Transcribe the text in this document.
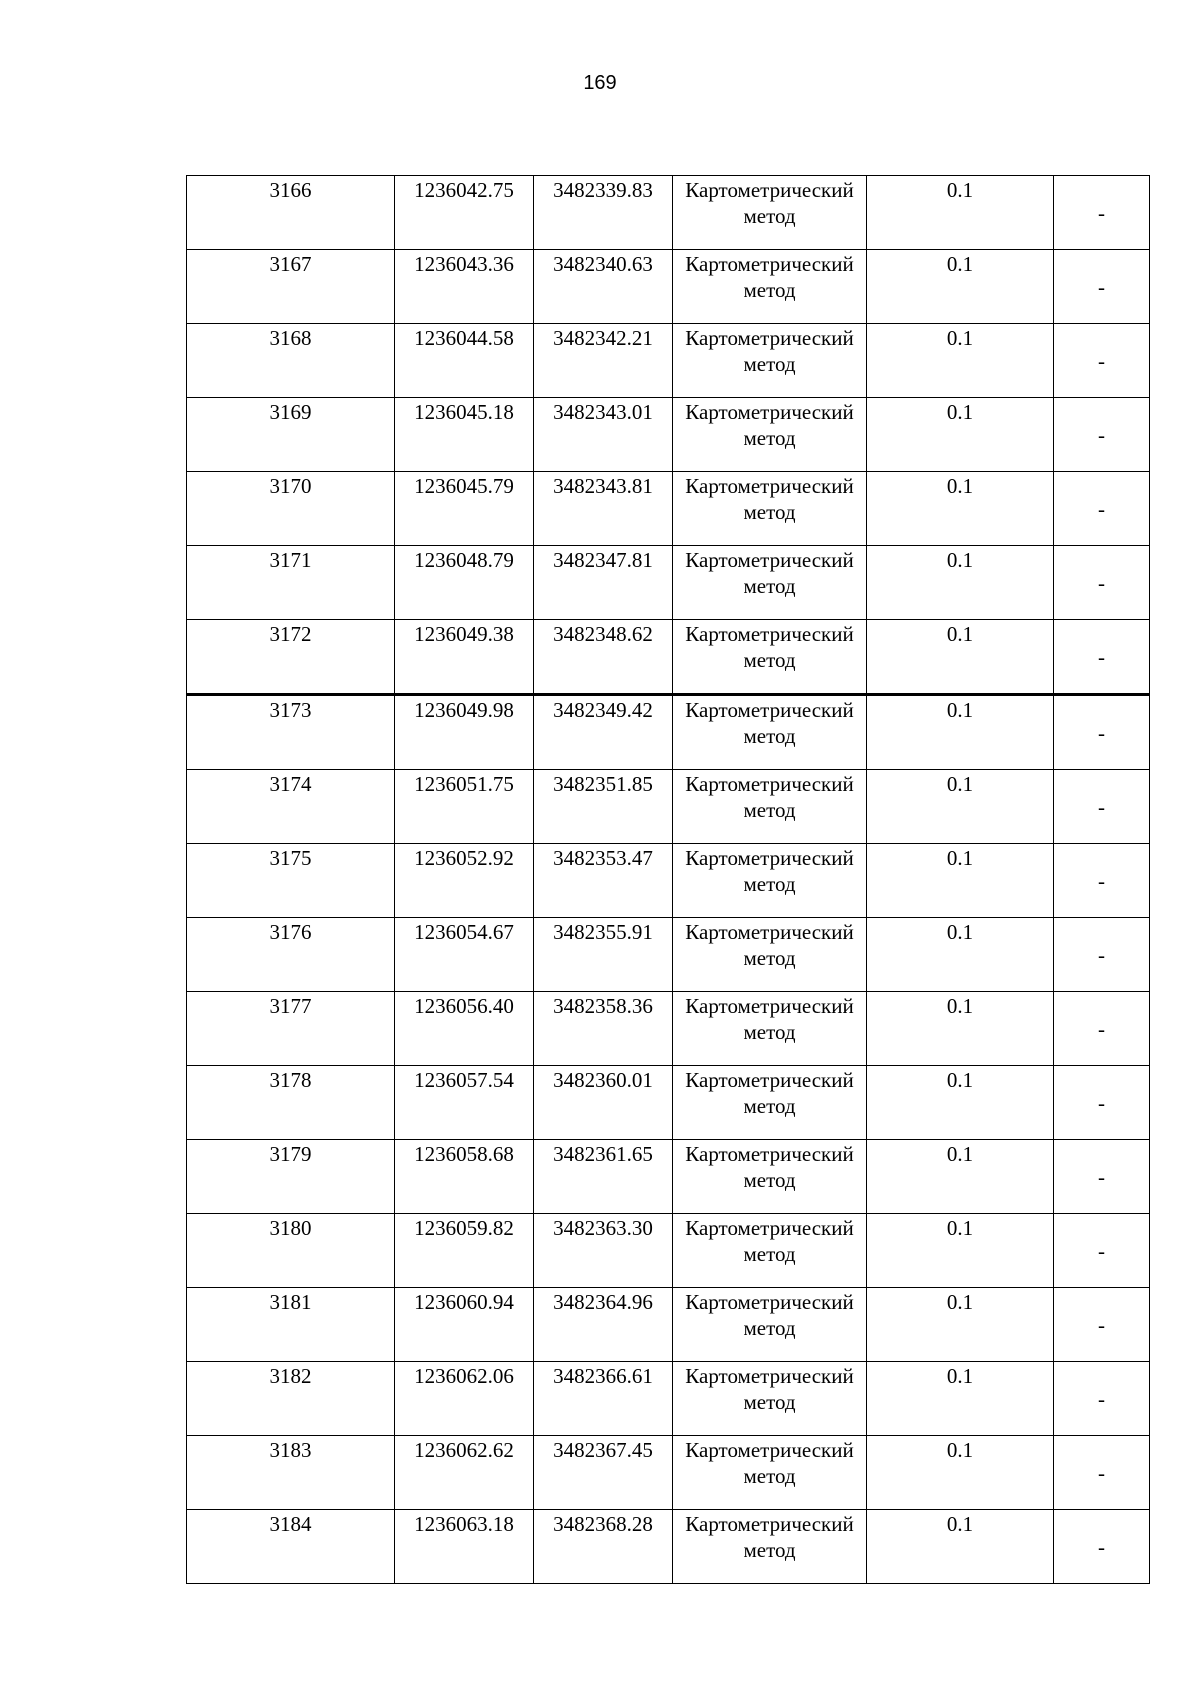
169
3166	1236042.75	3482339.83	Картометрический
метод	0.1	-
3167	1236043.36	3482340.63	Картометрический
метод	0.1	-
3168	1236044.58	3482342.21	Картометрический
метод	0.1	-
3169	1236045.18	3482343.01	Картометрический
метод	0.1	-
3170	1236045.79	3482343.81	Картометрический
метод	0.1	-
3171	1236048.79	3482347.81	Картометрический
метод	0.1	-
3172	1236049.38	3482348.62	Картометрический
метод	0.1	-
3173	1236049.98	3482349.42	Картометрический
метод	0.1	-
3174	1236051.75	3482351.85	Картометрический
метод	0.1	-
3175	1236052.92	3482353.47	Картометрический
метод	0.1	-
3176	1236054.67	3482355.91	Картометрический
метод	0.1	-
3177	1236056.40	3482358.36	Картометрический
метод	0.1	-
3178	1236057.54	3482360.01	Картометрический
метод	0.1	-
3179	1236058.68	3482361.65	Картометрический
метод	0.1	-
3180	1236059.82	3482363.30	Картометрический
метод	0.1	-
3181	1236060.94	3482364.96	Картометрический
метод	0.1	-
3182	1236062.06	3482366.61	Картометрический
метод	0.1	-
3183	1236062.62	3482367.45	Картометрический
метод	0.1	-
3184	1236063.18	3482368.28	Картометрический
метод	0.1	-
